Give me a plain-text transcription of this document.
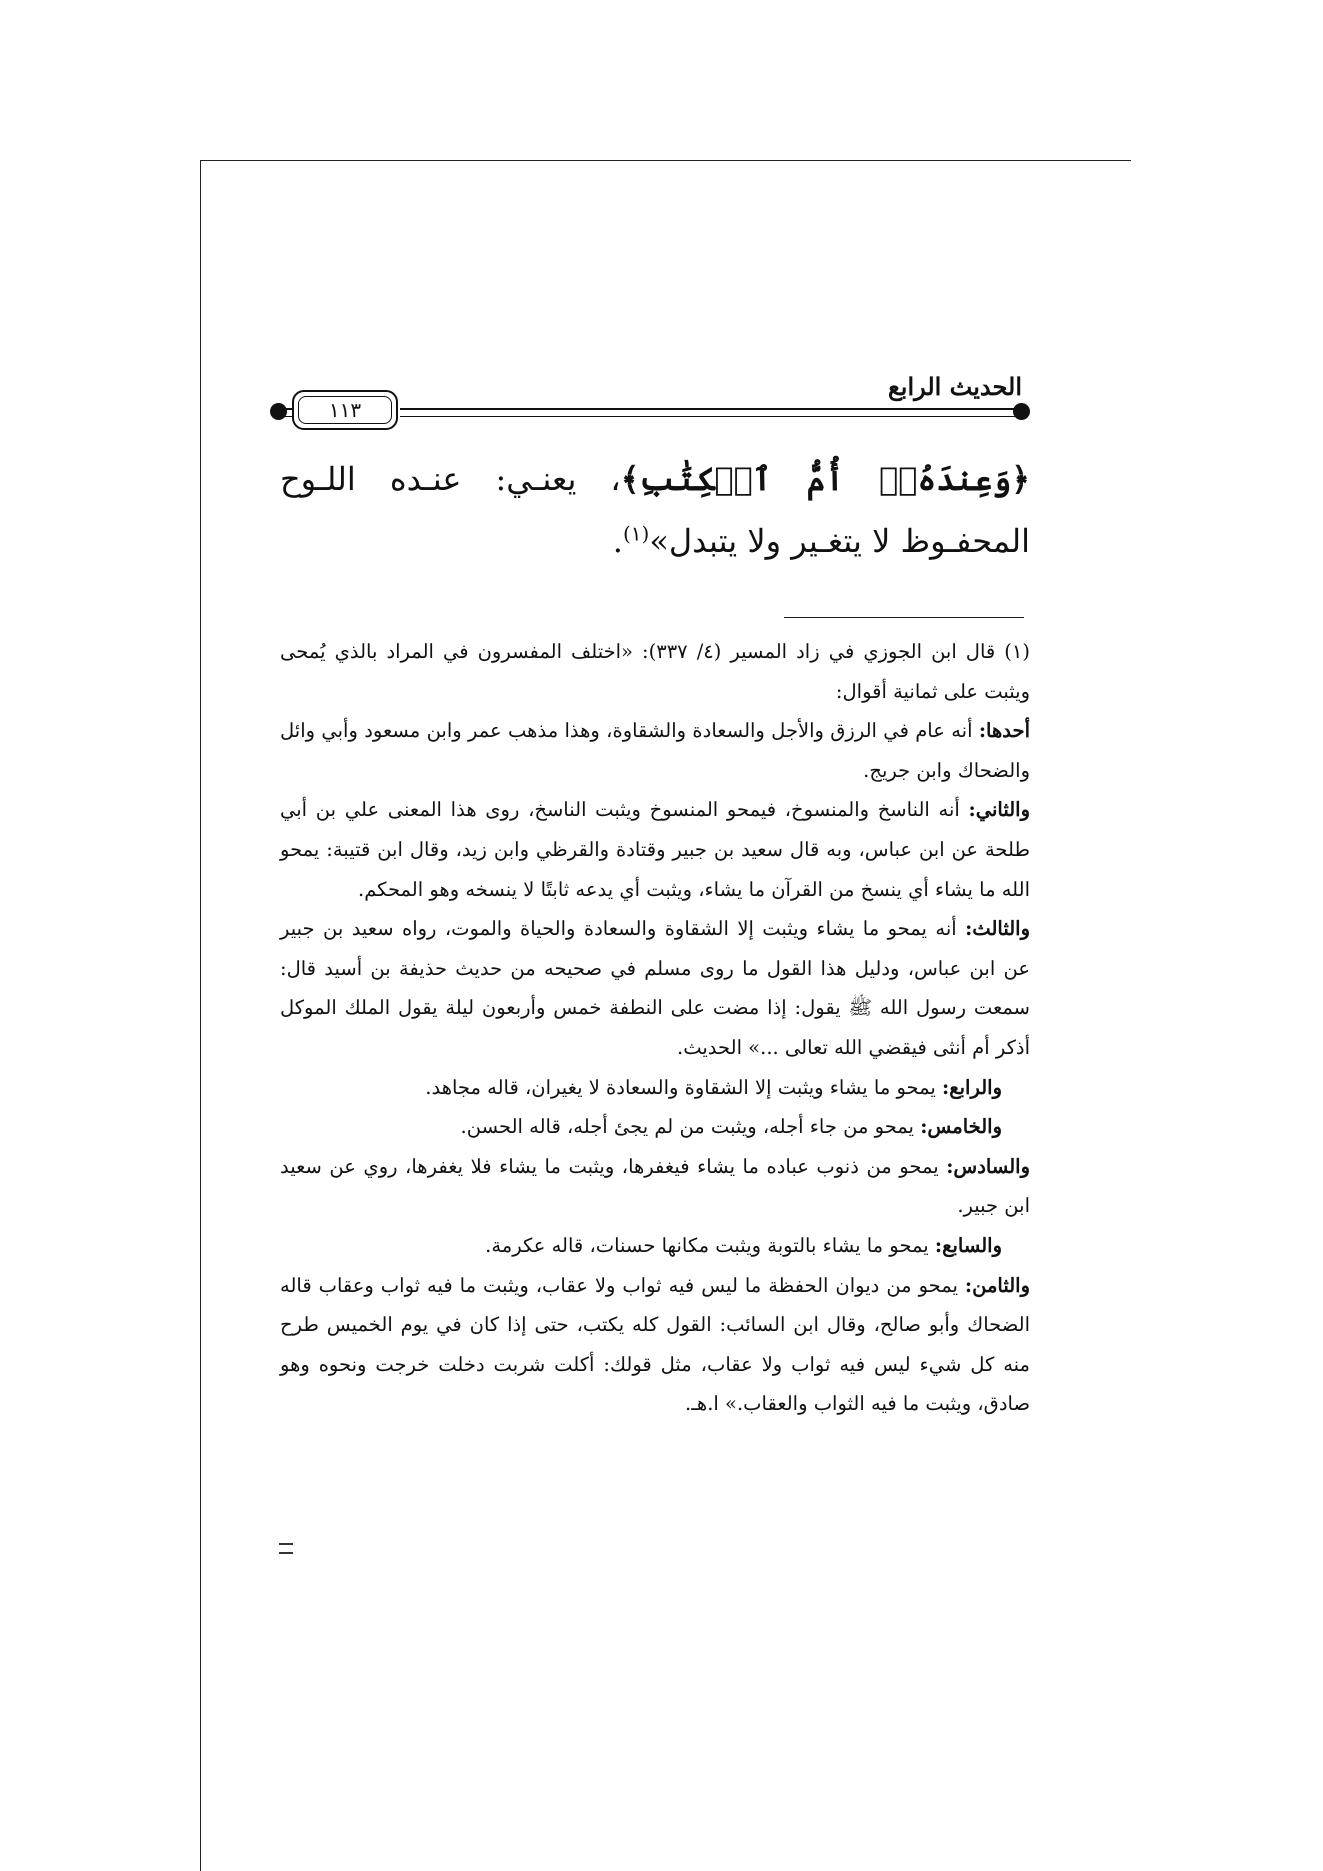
١١٣
الحديث الرابع
﴿وَعِندَهُۥٓ أُمُّ ٱلۡكِتَٰبِ﴾، يعنـي: عنـده اللـوح المحفـوظ لا يتغـير ولا يتبدل»$^{(١)}$.

(١) قال ابن الجوزي في زاد المسير (٤/ ٣٣٧): «اختلف المفسرون في المراد بالذي يُمحى ويثبت على ثمانية أقوال:

أحدها: أنه عام في الرزق والأجل والسعادة والشقاوة، وهذا مذهب عمر وابن مسعود وأبي وائل والضحاك وابن جريج.

والثاني: أنه الناسخ والمنسوخ، فيمحو المنسوخ ويثبت الناسخ، روى هذا المعنى علي بن أبي طلحة عن ابن عباس، وبه قال سعيد بن جبير وقتادة والقرظي وابن زيد، وقال ابن قتيبة: يمحو الله ما يشاء أي ينسخ من القرآن ما يشاء، ويثبت أي يدعه ثابتًا لا ينسخه وهو المحكم.

والثالث: أنه يمحو ما يشاء ويثبت إلا الشقاوة والسعادة والحياة والموت، رواه سعيد بن جبير عن ابن عباس، ودليل هذا القول ما روى مسلم في صحيحه من حديث حذيفة بن أسيد قال: سمعت رسول الله ﷺ يقول: إذا مضت على النطفة خمس وأربعون ليلة يقول الملك الموكل أذكر أم أنثى فيقضي الله تعالى ...» الحديث.

والرابع: يمحو ما يشاء ويثبت إلا الشقاوة والسعادة لا يغيران، قاله مجاهد.

والخامس: يمحو من جاء أجله، ويثبت من لم يجئ أجله، قاله الحسن.

والسادس: يمحو من ذنوب عباده ما يشاء فيغفرها، ويثبت ما يشاء فلا يغفرها، روي عن سعيد ابن جبير.

والسابع: يمحو ما يشاء بالتوبة ويثبت مكانها حسنات، قاله عكرمة.

والثامن: يمحو من ديوان الحفظة ما ليس فيه ثواب ولا عقاب، ويثبت ما فيه ثواب وعقاب قاله الضحاك وأبو صالح، وقال ابن السائب: القول كله يكتب، حتى إذا كان في يوم الخميس طرح منه كل شيء ليس فيه ثواب ولا عقاب، مثل قولك: أكلت شربت دخلت خرجت ونحوه وهو صادق، ويثبت ما فيه الثواب والعقاب.» ا.هـ.
